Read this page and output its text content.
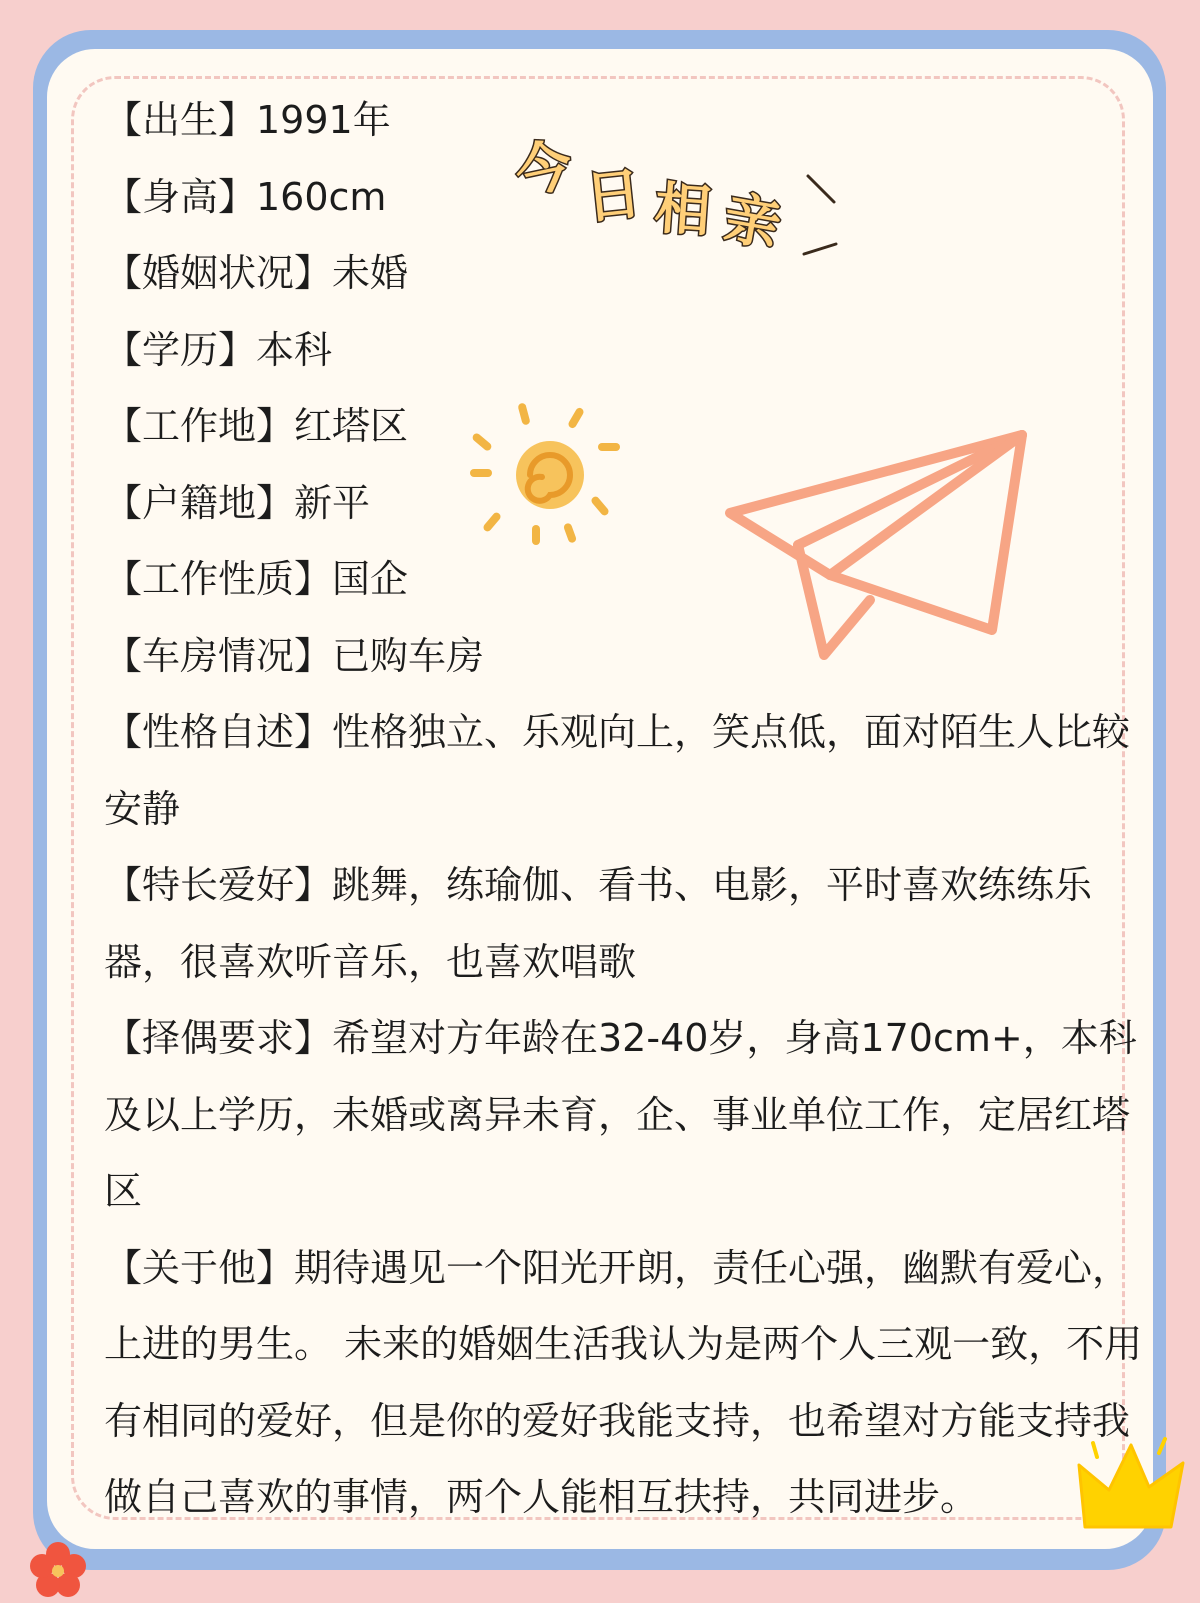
今 日 相 亲
【出生】1991年
【身高】160cm
【婚姻状况】未婚
【学历】本科
【工作地】红塔区
【户籍地】新平
【工作性质】国企
【车房情况】已购车房
【性格自述】性格独立、乐观向上，笑点低，面对陌生人比较
安静
【特长爱好】跳舞，练瑜伽、看书、电影，平时喜欢练练乐
器，很喜欢听音乐，也喜欢唱歌
【择偶要求】希望对方年龄在32-40岁，身高170cm+，本科
及以上学历，未婚或离异未育，企、事业单位工作，定居红塔
区
【关于他】期待遇见一个阳光开朗，责任心强，幽默有爱心，
上进的男生。 未来的婚姻生活我认为是两个人三观一致，不用
有相同的爱好，但是你的爱好我能支持，也希望对方能支持我
做自己喜欢的事情，两个人能相互扶持，共同进步。
